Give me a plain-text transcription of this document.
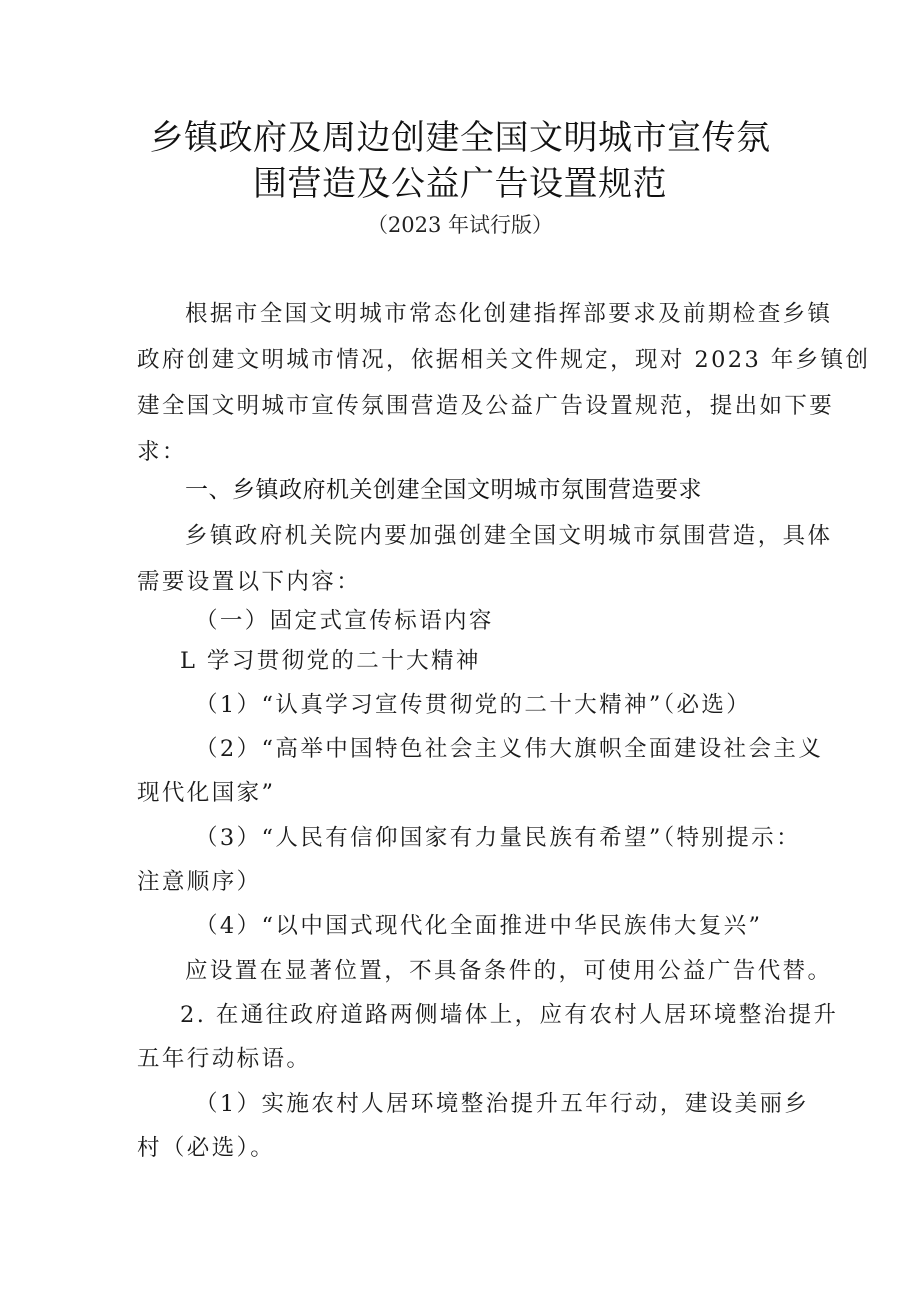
乡镇政府及周边创建全国文明城市宣传氛
围营造及公益广告设置规范
（2023 年试行版）
根据市全国文明城市常态化创建指挥部要求及前期检查乡镇
政府创建文明城市情况，依据相关文件规定，现对 2023 年乡镇创
建全国文明城市宣传氛围营造及公益广告设置规范，提出如下要
求：
一、乡镇政府机关创建全国文明城市氛围营造要求
乡镇政府机关院内要加强创建全国文明城市氛围营造，具体
需要设置以下内容：
（一）固定式宣传标语内容
L 学习贯彻党的二十大精神
（1）“认真学习宣传贯彻党的二十大精神”（必选）
（2）“高举中国特色社会主义伟大旗帜全面建设社会主义
现代化国家”
（3）“人民有信仰国家有力量民族有希望”（特别提示：
注意顺序）
（4）“以中国式现代化全面推进中华民族伟大复兴”
应设置在显著位置，不具备条件的，可使用公益广告代替。
2. 在通往政府道路两侧墙体上，应有农村人居环境整治提升
五年行动标语。
（1）实施农村人居环境整治提升五年行动，建设美丽乡
村（必选）。
